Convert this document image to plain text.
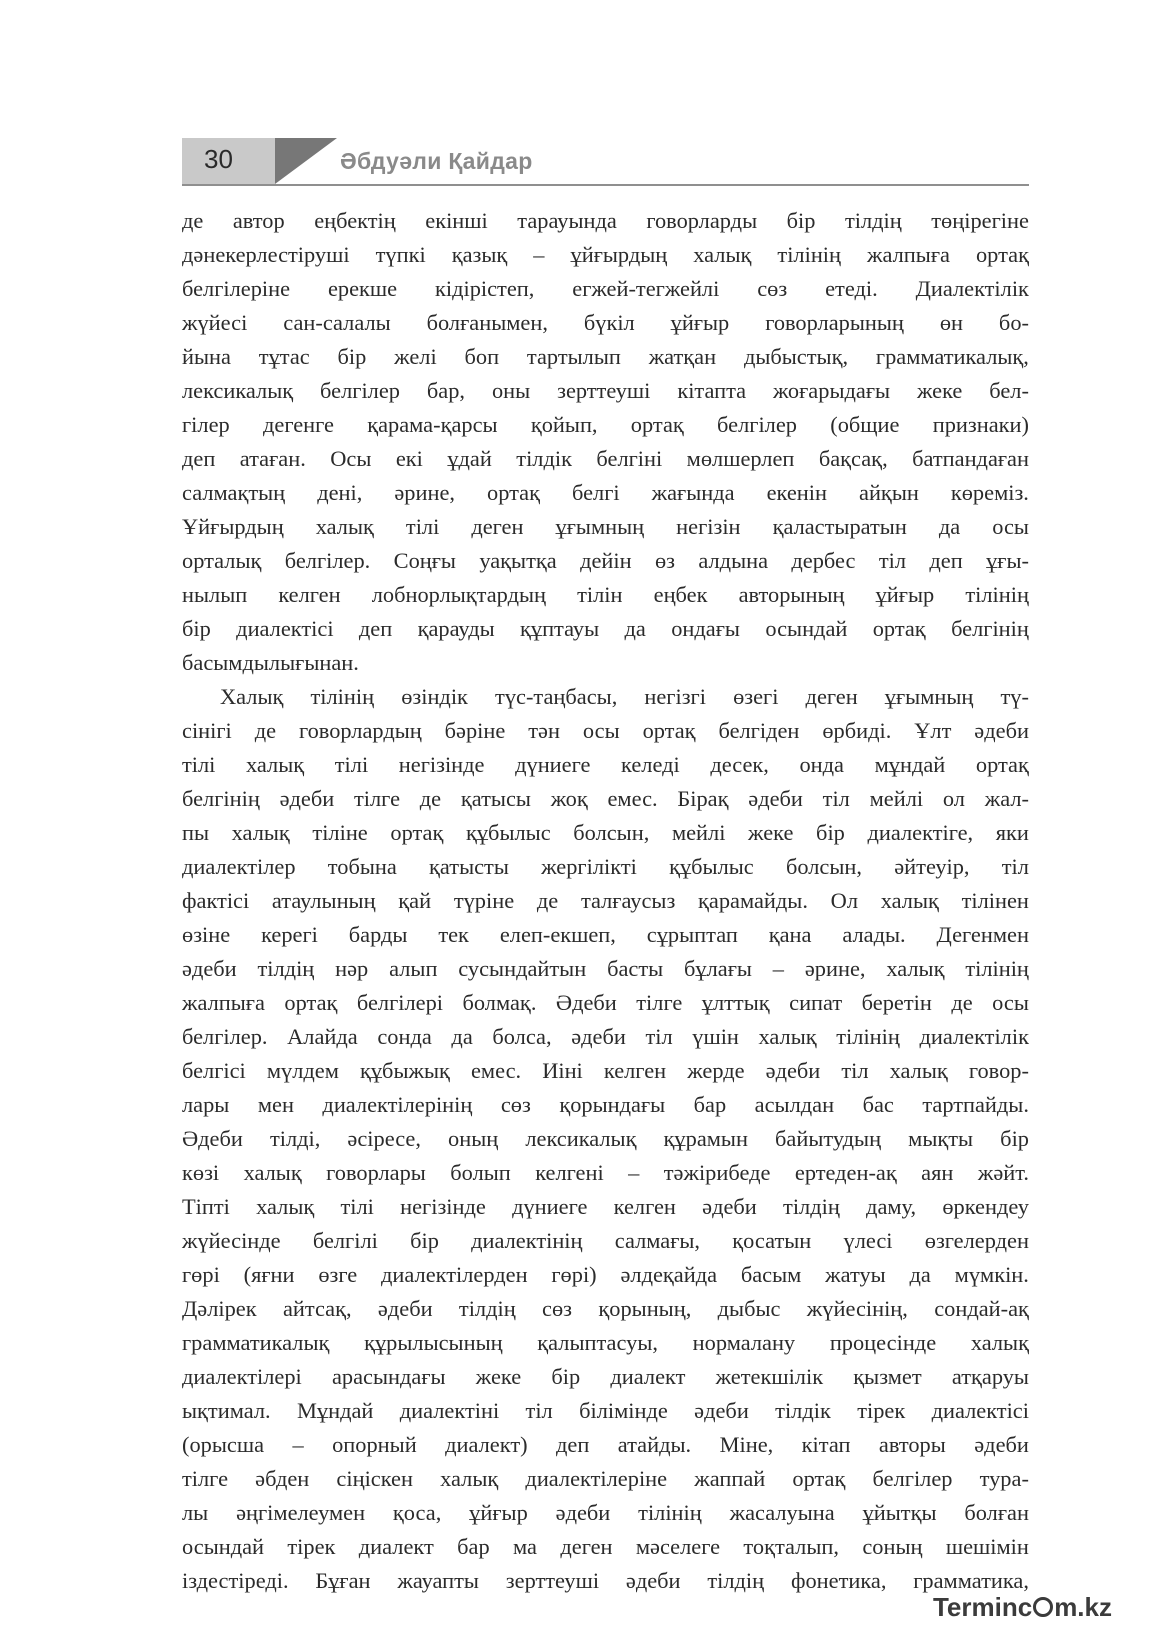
30	Әбдуәли Қайдар
де автор еңбектің екінші тарауында говорларды бір тілдің төңірегіне
дәнекерлестіруші түпкі қазық – ұйғырдың халық тілінің жалпыға ортақ
белгілеріне ерекше кідірістеп, егжей-тегжейлі сөз етеді. Диалектілік
жүйесі сан-салалы болғанымен, бүкіл ұйғыр говорларының өн бо-
йына тұтас бір желі боп тартылып жатқан дыбыстық, грамматикалық,
лексикалық белгілер бар, оны зерттеуші кітапта жоғарыдағы жеке бел-
гілер дегенге қарама-қарсы қойып, ортақ белгілер (общие признаки)
деп атаған. Осы екі ұдай тілдік белгіні мөлшерлеп бақсақ, батпандаған
салмақтың дені, әрине, ортақ белгі жағында екенін айқын көреміз.
Ұйғырдың халық тілі деген ұғымның негізін қаластыратын да осы
орталық белгілер. Соңғы уақытқа дейін өз алдына дербес тіл деп ұғы-
нылып келген лобнорлықтардың тілін еңбек авторының ұйғыр тілінің
бір диалектісі деп қарауды құптауы да ондағы осындай ортақ белгінің
басымдылығынан.
Халық тілінің өзіндік түс-таңбасы, негізгі өзегі деген ұғымның тү-
сінігі де говорлардың бәріне тән осы ортақ белгіден өрбиді. Ұлт әдеби
тілі халық тілі негізінде дүниеге келеді десек, онда мұндай ортақ
белгінің әдеби тілге де қатысы жоқ емес. Бірақ әдеби тіл мейлі ол жал-
пы халық тіліне ортақ құбылыс болсын, мейлі жеке бір диалектіге, яки
диалектілер тобына қатысты жергілікті құбылыс болсын, әйтеуір, тіл
фактісі атаулының қай түріне де талғаусыз қарамайды. Ол халық тілінен
өзіне керегі барды тек елеп-екшеп, сұрыптап қана алады. Дегенмен
әдеби тілдің нәр алып сусындайтын басты бұлағы – әрине, халық тілінің
жалпыға ортақ белгілері болмақ. Әдеби тілге ұлттық сипат беретін де осы
белгілер. Алайда сонда да болса, әдеби тіл үшін халық тілінің диалектілік
белгісі мүлдем құбыжық емес. Иіні келген жерде әдеби тіл халық говор-
лары мен диалектілерінің сөз қорындағы бар асылдан бас тартпайды.
Әдеби тілді, әсіресе, оның лексикалық құрамын байытудың мықты бір
көзі халық говорлары болып келгені – тәжірибеде ертеден-ақ аян жәйт.
Тіпті халық тілі негізінде дүниеге келген әдеби тілдің даму, өркендеу
жүйесінде белгілі бір диалектінің салмағы, қосатын үлесі өзгелерден
гөрі (яғни өзге диалектілерден гөрі) әлдеқайда басым жатуы да мүмкін.
Дәлірек айтсақ, әдеби тілдің сөз қорының, дыбыс жүйесінің, сондай-ақ
грамматикалық құрылысының қалыптасуы, нормалану процесінде халық
диалектілері арасындағы жеке бір диалект жетекшілік қызмет атқаруы
ықтимал. Мұндай диалектіні тіл білімінде әдеби тілдік тірек диалектісі
(орысша – опорный диалект) деп атайды. Міне, кітап авторы әдеби
тілге әбден сіңіскен халық диалектілеріне жаппай ортақ белгілер тура-
лы әңгімелеумен қоса, ұйғыр әдеби тілінің жасалуына ұйытқы болған
осындай тірек диалект бар ма деген мәселеге тоқталып, соның шешімін
іздестіреді. Бұған жауапты зерттеуші әдеби тілдің фонетика, грамматика,
Terminc m.kz
